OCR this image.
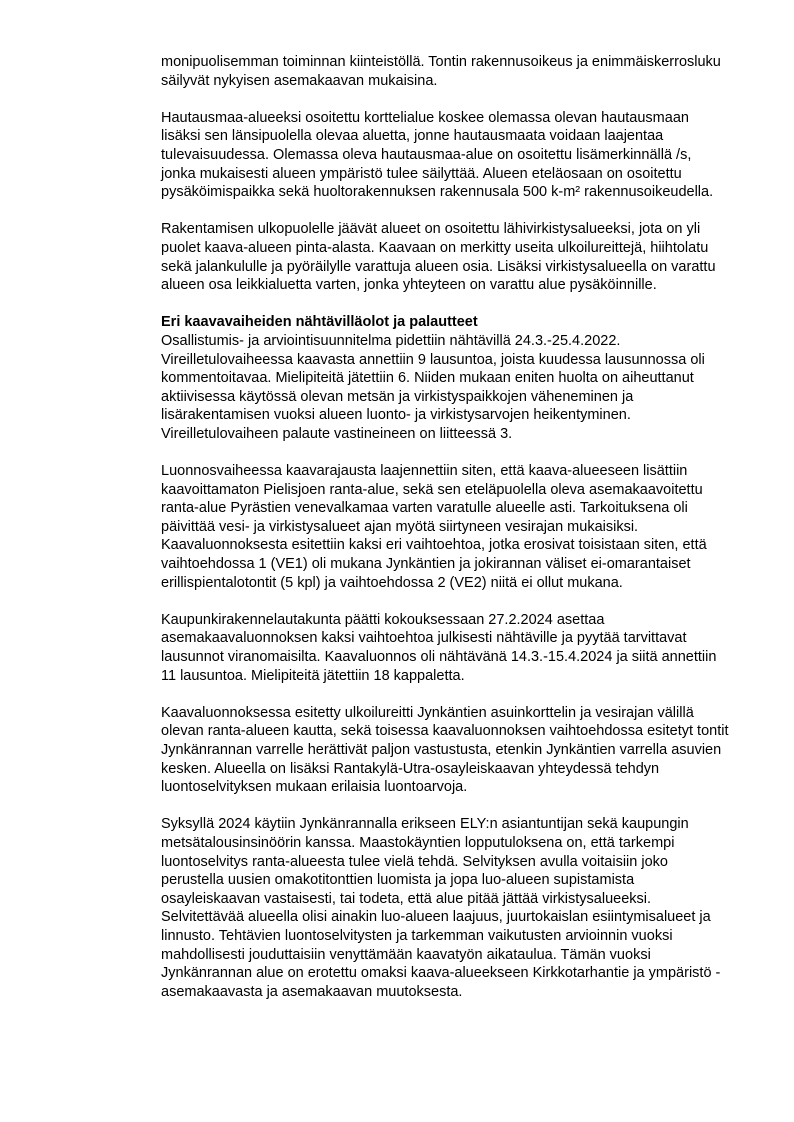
monipuolisemman toiminnan kiinteistöllä. Tontin rakennusoikeus ja enimmäiskerrosluku
säilyvät nykyisen asemakaavan mukaisina.
Hautausmaa-alueeksi osoitettu korttelialue koskee olemassa olevan hautausmaan
lisäksi sen länsipuolella olevaa aluetta, jonne hautausmaata voidaan laajentaa
tulevaisuudessa. Olemassa oleva hautausmaa-alue on osoitettu lisämerkinnällä /s,
jonka mukaisesti alueen ympäristö tulee säilyttää. Alueen eteläosaan on osoitettu
pysäköimispaikka sekä huoltorakennuksen rakennusala 500 k-m² rakennusoikeudella.
Rakentamisen ulkopuolelle jäävät alueet on osoitettu lähivirkistysalueeksi, jota on yli
puolet kaava-alueen pinta-alasta. Kaavaan on merkitty useita ulkoilureittejä, hiihtolatu
sekä jalankululle ja pyöräilylle varattuja alueen osia. Lisäksi virkistysalueella on varattu
alueen osa leikkialuetta varten, jonka yhteyteen on varattu alue pysäköinnille.
Eri kaavavaiheiden nähtävilläolot ja palautteet
Osallistumis- ja arviointisuunnitelma pidettiin nähtävillä 24.3.-25.4.2022.
Vireilletulovaiheessa kaavasta annettiin 9 lausuntoa, joista kuudessa lausunnossa oli
kommentoitavaa. Mielipiteitä jätettiin 6. Niiden mukaan eniten huolta on aiheuttanut
aktiivisessa käytössä olevan metsän ja virkistyspaikkojen väheneminen ja
lisärakentamisen vuoksi alueen luonto- ja virkistysarvojen heikentyminen.
Vireilletulovaiheen palaute vastineineen on liitteessä 3.
Luonnosvaiheessa kaavarajausta laajennettiin siten, että kaava-alueeseen lisättiin
kaavoittamaton Pielisjoen ranta-alue, sekä sen eteläpuolella oleva asemakaavoitettu
ranta-alue Pyrästien venevalkamaa varten varatulle alueelle asti. Tarkoituksena oli
päivittää vesi- ja virkistysalueet ajan myötä siirtyneen vesirajan mukaisiksi.
Kaavaluonnoksesta esitettiin kaksi eri vaihtoehtoa, jotka erosivat toisistaan siten, että
vaihtoehdossa 1 (VE1) oli mukana Jynkäntien ja jokirannan väliset ei-omarantaiset
erillispientalotontit (5 kpl) ja vaihtoehdossa 2 (VE2) niitä ei ollut mukana.
Kaupunkirakennelautakunta päätti kokouksessaan 27.2.2024 asettaa
asemakaavaluonnoksen kaksi vaihtoehtoa julkisesti nähtäville ja pyytää tarvittavat
lausunnot viranomaisilta. Kaavaluonnos oli nähtävänä 14.3.-15.4.2024 ja siitä annettiin
11 lausuntoa. Mielipiteitä jätettiin 18 kappaletta.
Kaavaluonnoksessa esitetty ulkoilureitti Jynkäntien asuinkorttelin ja vesirajan välillä
olevan ranta-alueen kautta, sekä toisessa kaavaluonnoksen vaihtoehdossa esitetyt tontit
Jynkänrannan varrelle herättivät paljon vastustusta, etenkin Jynkäntien varrella asuvien
kesken. Alueella on lisäksi Rantakylä-Utra-osayleiskaavan yhteydessä tehdyn
luontoselvityksen mukaan erilaisia luontoarvoja.
Syksyllä 2024 käytiin Jynkänrannalla erikseen ELY:n asiantuntijan sekä kaupungin
metsätalousinsinöörin kanssa. Maastokäyntien lopputuloksena on, että tarkempi
luontoselvitys ranta-alueesta tulee vielä tehdä. Selvityksen avulla voitaisiin joko
perustella uusien omakotitonttien luomista ja jopa luo-alueen supistamista
osayleiskaavan vastaisesti, tai todeta, että alue pitää jättää virkistysalueeksi.
Selvitettävää alueella olisi ainakin luo-alueen laajuus, juurtokaislan esiintymisalueet ja
linnusto. Tehtävien luontoselvitysten ja tarkemman vaikutusten arvioinnin vuoksi
mahdollisesti jouduttaisiin venyttämään kaavatyön aikataulua. Tämän vuoksi
Jynkänrannan alue on erotettu omaksi kaava-alueekseen Kirkkotarhantie ja ympäristö -
asemakaavasta ja asemakaavan muutoksesta.
